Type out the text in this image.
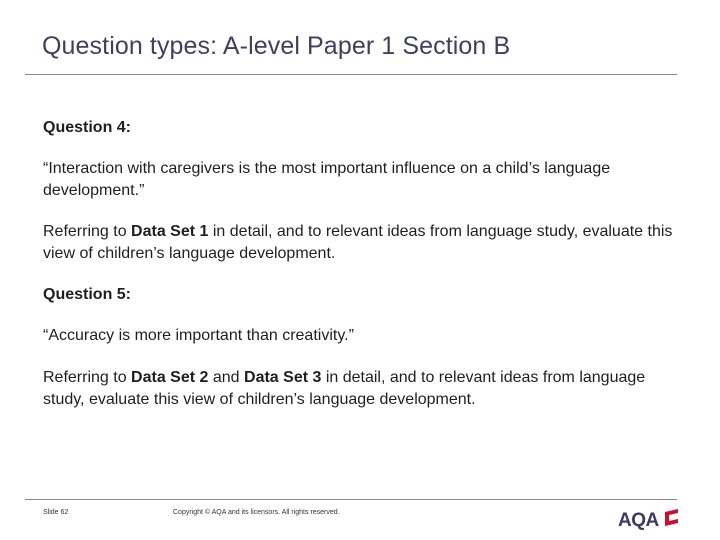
Question types: A-level Paper 1 Section B

Question 4:

“Interaction with caregivers is the most important influence on a child’s language development.”

Referring to Data Set 1 in detail, and to relevant ideas from language study, evaluate this view of children’s language development.

Question 5:

“Accuracy is more important than creativity.”

Referring to Data Set 2 and Data Set 3 in detail, and to relevant ideas from language study, evaluate this view of children’s language development.

Slide 62	Copyright © AQA and its licensors. All rights reserved.	AQA
